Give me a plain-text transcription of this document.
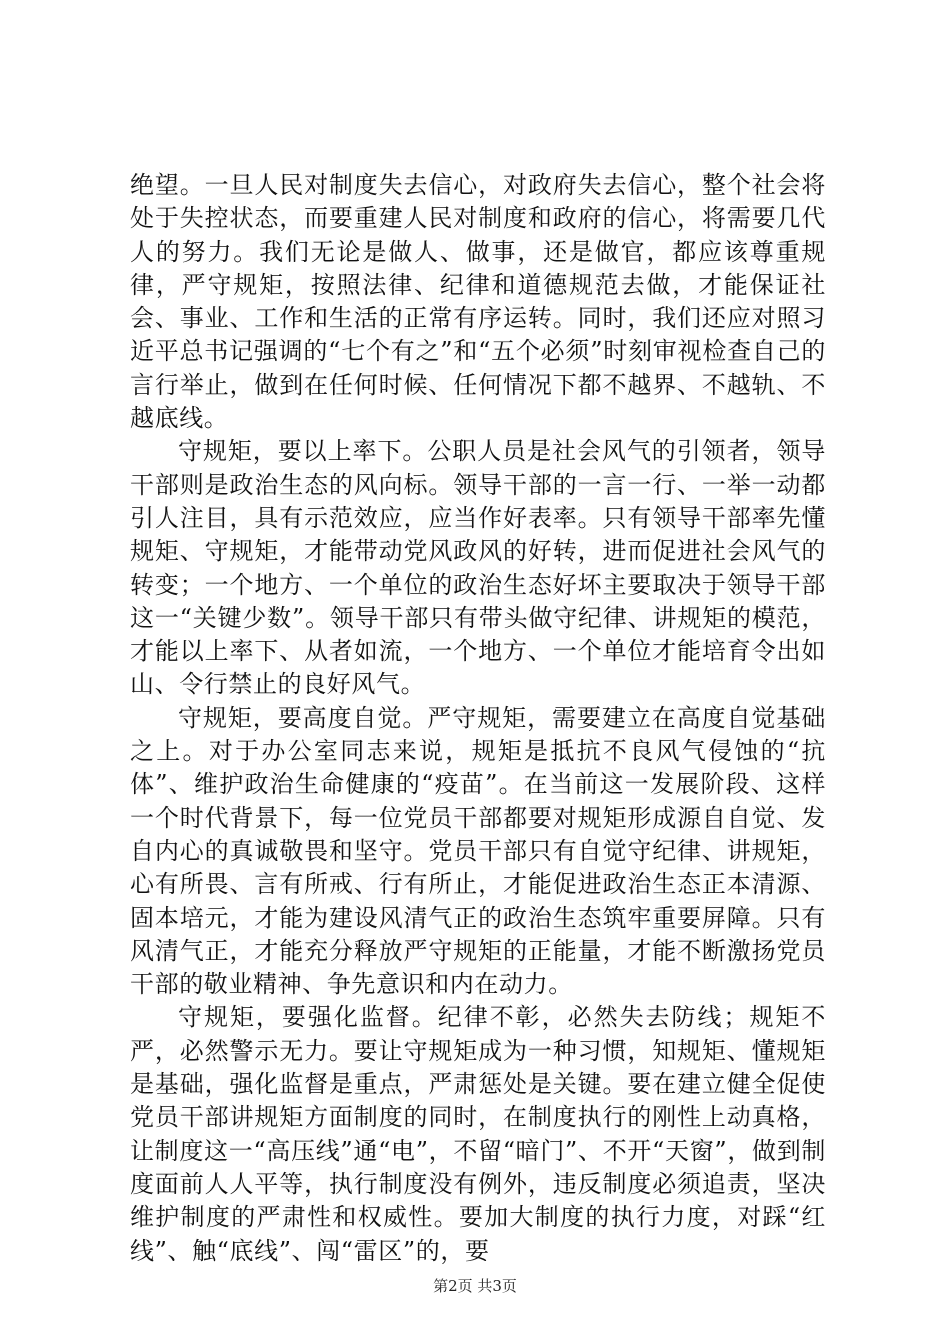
绝望。一旦人民对制度失去信心，对政府失去信心，整个社会将处于失控状态，而要重建人民对制度和政府的信心，将需要几代人的努力。我们无论是做人、做事，还是做官，都应该尊重规律，严守规矩，按照法律、纪律和道德规范去做，才能保证社会、事业、工作和生活的正常有序运转。同时，我们还应对照习近平总书记强调的“七个有之”和“五个必须”时刻审视检查自己的言行举止，做到在任何时候、任何情况下都不越界、不越轨、不越底线。

守规矩，要以上率下。公职人员是社会风气的引领者，领导干部则是政治生态的风向标。领导干部的一言一行、一举一动都引人注目，具有示范效应，应当作好表率。只有领导干部率先懂规矩、守规矩，才能带动党风政风的好转，进而促进社会风气的转变；一个地方、一个单位的政治生态好坏主要取决于领导干部这一“关键少数”。领导干部只有带头做守纪律、讲规矩的模范，才能以上率下、从者如流，一个地方、一个单位才能培育令出如山、令行禁止的良好风气。

守规矩，要高度自觉。严守规矩，需要建立在高度自觉基础之上。对于办公室同志来说，规矩是抵抗不良风气侵蚀的“抗体”、维护政治生命健康的“疫苗”。在当前这一发展阶段、这样一个时代背景下，每一位党员干部都要对规矩形成源自自觉、发自内心的真诚敬畏和坚守。党员干部只有自觉守纪律、讲规矩，心有所畏、言有所戒、行有所止，才能促进政治生态正本清源、固本培元，才能为建设风清气正的政治生态筑牢重要屏障。只有风清气正，才能充分释放严守规矩的正能量，才能不断激扬党员干部的敬业精神、争先意识和内在动力。

守规矩，要强化监督。纪律不彰，必然失去防线；规矩不严，必然警示无力。要让守规矩成为一种习惯，知规矩、懂规矩是基础，强化监督是重点，严肃惩处是关键。要在建立健全促使党员干部讲规矩方面制度的同时，在制度执行的刚性上动真格，让制度这一“高压线”通“电”，不留“暗门”、不开“天窗”，做到制度面前人人平等，执行制度没有例外，违反制度必须追责，坚决维护制度的严肃性和权威性。要加大制度的执行力度，对踩“红线”、触“底线”、闯“雷区”的，要

第2页 共3页
